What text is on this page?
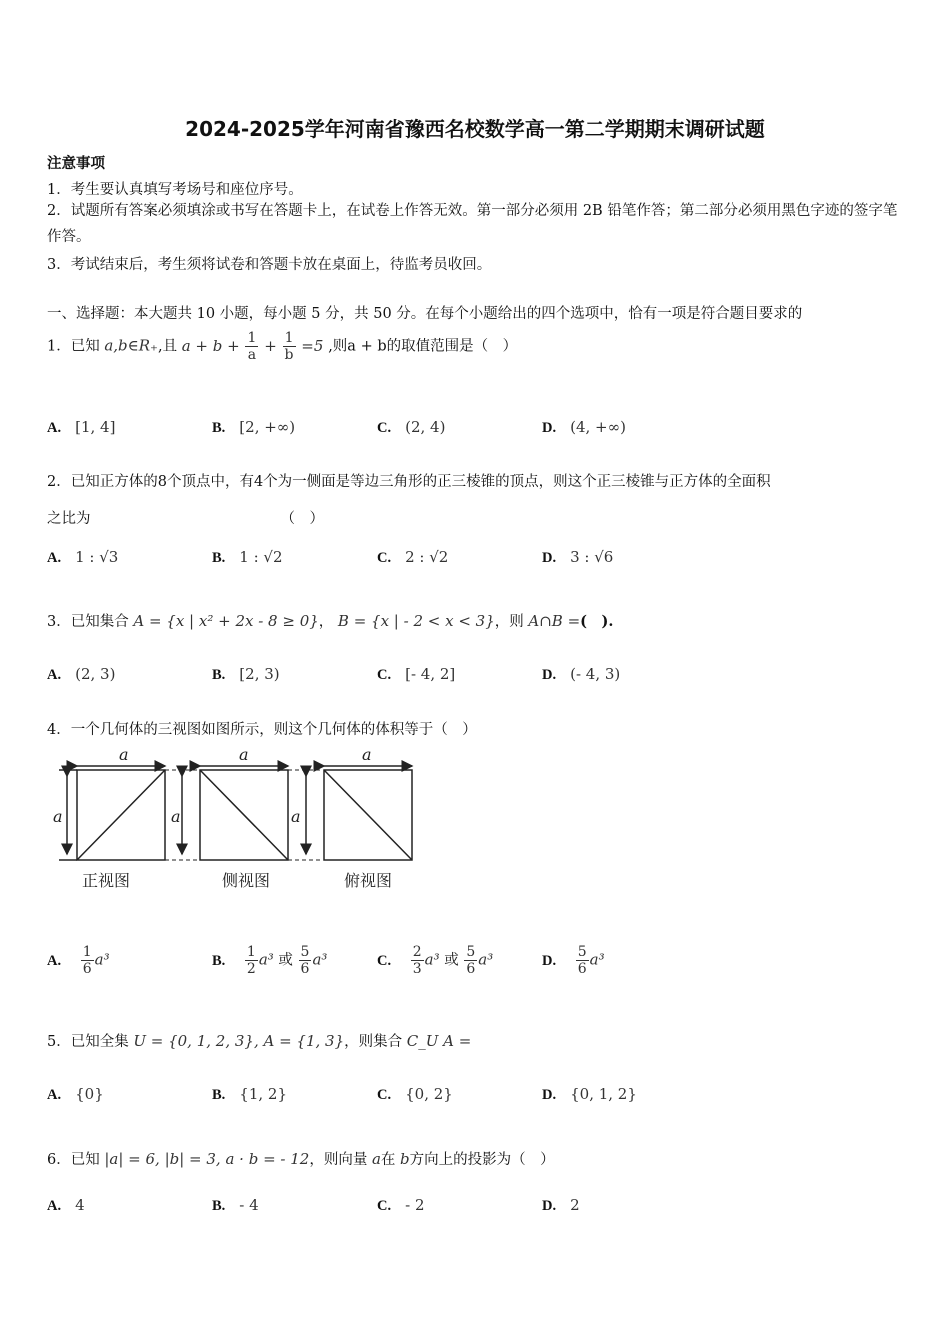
2024-2025学年河南省豫西名校数学高一第二学期期末调研试题
注意事项
1．考生要认真填写考场号和座位序号。
2．试题所有答案必须填涂或书写在答题卡上，在试卷上作答无效。第一部分必须用 2B 铅笔作答；第二部分必须用黑色字迹的签字笔作答。
3．考试结束后，考生须将试卷和答题卡放在桌面上，待监考员收回。
一、选择题：本大题共 10 小题，每小题 5 分，共 50 分。在每个小题给出的四个选项中，恰有一项是符合题目要求的
1．已知 a,b∈R₊,且 $a + b + \frac{1}{a} + \frac{1}{b} =5$ ,则a + b的取值范围是（　）
A. [1, 4]	B. [2, +∞)	C. (2, 4)	D. (4, +∞)
2．已知正方体的8个顶点中，有4个为一侧面是等边三角形的正三棱锥的顶点，则这个正三棱锥与正方体的全面积
之比为	（　）
A. 1 : √3	B. 1 : √2	C. 2 : √2	D. 3 : √6
3．已知集合 A = {x | x² + 2x - 8 ≥ 0}， B = {x | - 2 < x < 3}，则 A∩B =(　).
A. (2, 3)	B. [2, 3)	C. [- 4, 2]	D. (- 4, 3)
4．一个几何体的三视图如图所示，则这个几何体的体积等于（　）
a
a
a
a
a
a
正视图	侧视图	俯视图
A. $\frac{1}{6} a^3$	B. $\frac{1}{2} a^3$ 或 $\frac{5}{6} a^3$	C. $\frac{2}{3} a^3$ 或 $\frac{5}{6} a^3$	D. $\frac{5}{6} a^3$
5．已知全集 U = {0, 1, 2, 3}, A = {1, 3}，则集合 C_U A =
A. {0}	B. {1, 2}	C. {0, 2}	D. {0, 1, 2}
6．已知 |a| = 6, |b| = 3, a · b = - 12，则向量 a在 b方向上的投影为（　）
A. 4	B. - 4	C. - 2	D. 2
